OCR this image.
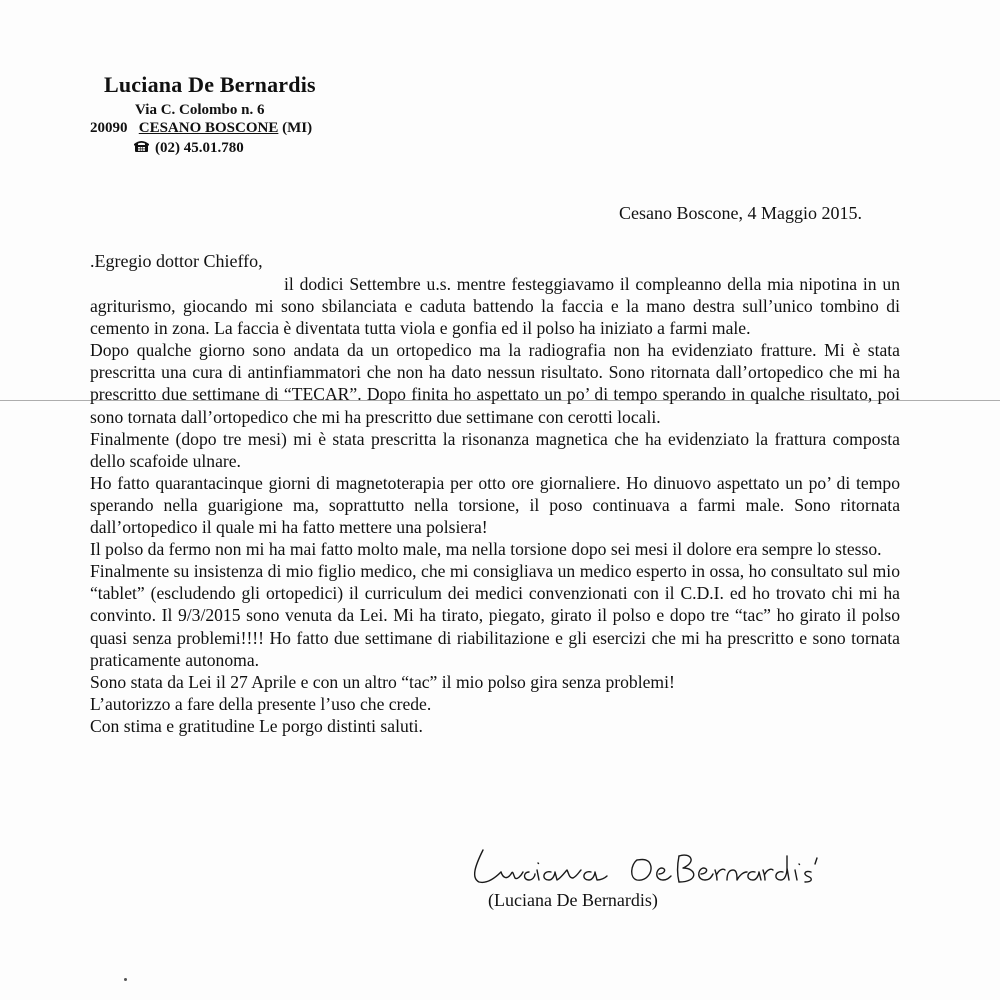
Luciana De Bernardis
Via C. Colombo n. 6
20090 CESANO BOSCONE (MI)
(02) 45.01.780
Cesano Boscone, 4 Maggio 2015.
.Egregio dottor Chieffo,

il dodici Settembre u.s. mentre festeggiavamo il compleanno della mia nipotina in un agriturismo, giocando mi sono sbilanciata e caduta battendo la faccia e la mano destra sull’unico tombino di cemento in zona. La faccia è diventata tutta viola e gonfia ed il polso ha iniziato a farmi male.

Dopo qualche giorno sono andata da un ortopedico ma la radiografia non ha evidenziato fratture. Mi è stata prescritta una cura di antinfiammatori che non ha dato nessun risultato. Sono ritornata dall’ortopedico che mi ha prescritto due settimane di “TECAR”. Dopo finita ho aspettato un po’ di tempo sperando in qualche risultato, poi sono tornata dall’ortopedico che mi ha prescritto due settimane con cerotti locali.

Finalmente (dopo tre mesi) mi è stata prescritta la risonanza magnetica che ha evidenziato la frattura composta dello scafoide ulnare.

Ho fatto quarantacinque giorni di magnetoterapia per otto ore giornaliere. Ho dinuovo aspettato un po’ di tempo sperando nella guarigione ma, soprattutto nella torsione, il poso continuava a farmi male. Sono ritornata dall’ortopedico il quale mi ha fatto mettere una polsiera!

Il polso da fermo non mi ha mai fatto molto male, ma nella torsione dopo sei mesi il dolore era sempre lo stesso.

Finalmente su insistenza di mio figlio medico, che mi consigliava un medico esperto in ossa, ho consultato sul mio “tablet” (escludendo gli ortopedici) il curriculum dei medici convenzionati con il C.D.I. ed ho trovato chi mi ha convinto. Il 9/3/2015 sono venuta da Lei. Mi ha tirato, piegato, girato il polso e dopo tre “tac” ho girato il polso quasi senza problemi!!!! Ho fatto due settimane di riabilitazione e gli esercizi che mi ha prescritto e sono tornata praticamente autonoma.

Sono stata da Lei il 27 Aprile e con un altro “tac” il mio polso gira senza problemi!

L’autorizzo a fare della presente l’uso che crede.

Con stima e gratitudine Le porgo distinti saluti.

(Luciana De Bernardis)
